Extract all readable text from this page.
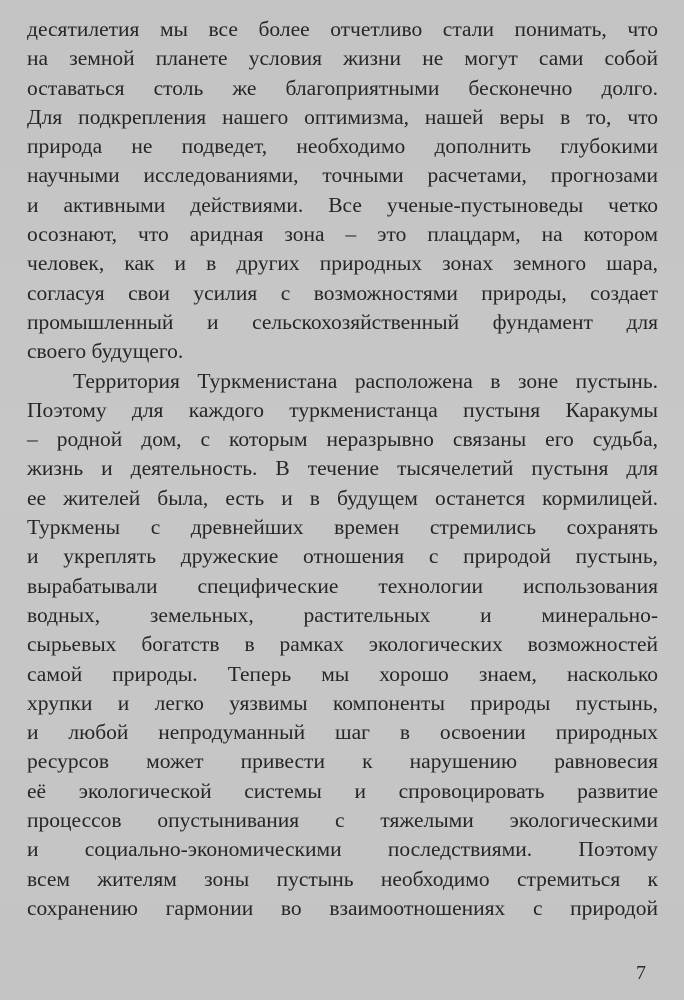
десятилетия мы все более отчетливо стали понимать, что
на земной планете условия жизни не могут сами собой
оставаться столь же благоприятными бесконечно долго.
Для подкрепления нашего оптимизма, нашей веры в то, что
природа не подведет, необходимо дополнить глубокими
научными исследованиями, точными расчетами, прогнозами
и активными действиями. Все ученые-пустыноведы четко
осознают, что аридная зона – это плацдарм, на котором
человек, как и в других природных зонах земного шара,
согласуя свои усилия с возможностями природы, создает
промышленный и сельскохозяйственный фундамент для
своего будущего.
Территория Туркменистана расположена в зоне пустынь.
Поэтому для каждого туркменистанца пустыня Каракумы
– родной дом, с которым неразрывно связаны его судьба,
жизнь и деятельность. В течение тысячелетий пустыня для
ее жителей была, есть и в будущем останется кормилицей.
Туркмены с древнейших времен стремились сохранять
и укреплять дружеские отношения с природой пустынь,
вырабатывали специфические технологии использования
водных, земельных, растительных и минерально-
сырьевых богатств в рамках экологических возможностей
самой природы. Теперь мы хорошо знаем, насколько
хрупки и легко уязвимы компоненты природы пустынь,
и любой непродуманный шаг в освоении природных
ресурсов может привести к нарушению равновесия
её экологической системы и спровоцировать развитие
процессов опустынивания с тяжелыми экологическими
и социально-экономическими последствиями. Поэтому
всем жителям зоны пустынь необходимо стремиться к
сохранению гармонии во взаимоотношениях с природой
7
